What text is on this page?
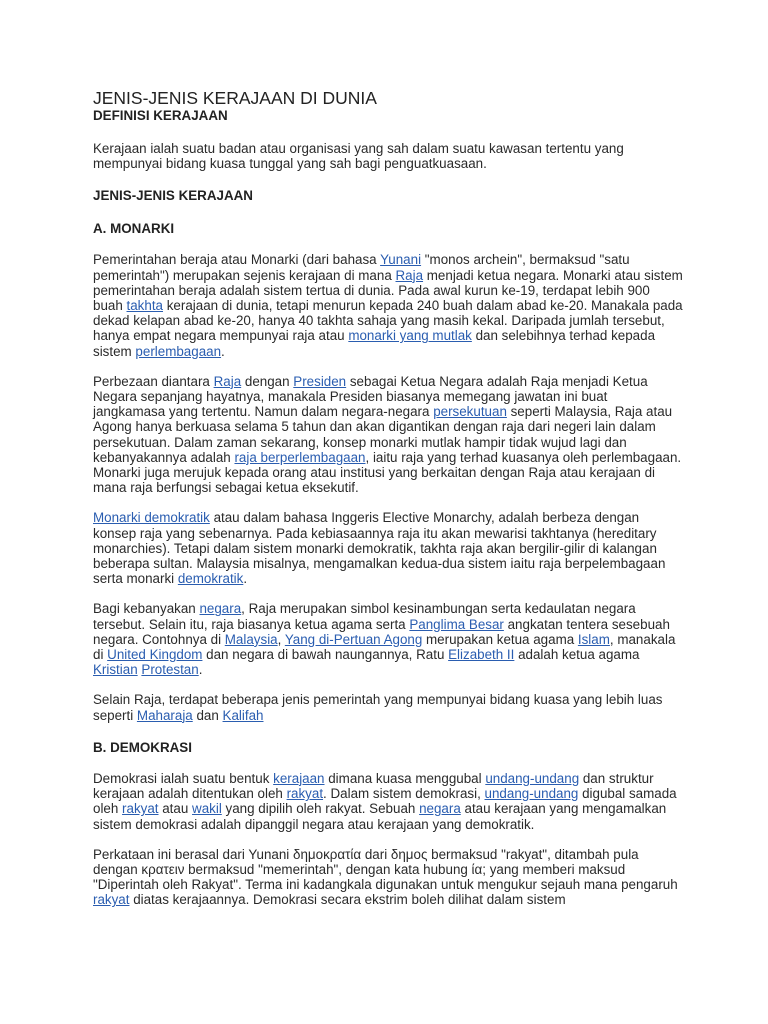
JENIS-JENIS KERAJAAN DI DUNIA
DEFINISI KERAJAAN

Kerajaan ialah suatu badan atau organisasi yang sah dalam suatu kawasan tertentu yang mempunyai bidang kuasa tunggal yang sah bagi penguatkuasaan.

JENIS-JENIS KERAJAAN
A. MONARKI

Pemerintahan beraja atau Monarki (dari bahasa Yunani "monos archein", bermaksud "satu pemerintah") merupakan sejenis kerajaan di mana Raja menjadi ketua negara. Monarki atau sistem pemerintahan beraja adalah sistem tertua di dunia. Pada awal kurun ke-19, terdapat lebih 900 buah takhta kerajaan di dunia, tetapi menurun kepada 240 buah dalam abad ke-20. Manakala pada dekad kelapan abad ke-20, hanya 40 takhta sahaja yang masih kekal. Daripada jumlah tersebut, hanya empat negara mempunyai raja atau monarki yang mutlak dan selebihnya terhad kepada sistem perlembagaan.

Perbezaan diantara Raja dengan Presiden sebagai Ketua Negara adalah Raja menjadi Ketua Negara sepanjang hayatnya, manakala Presiden biasanya memegang jawatan ini buat jangkamasa yang tertentu. Namun dalam negara-negara persekutuan seperti Malaysia, Raja atau Agong hanya berkuasa selama 5 tahun dan akan digantikan dengan raja dari negeri lain dalam persekutuan. Dalam zaman sekarang, konsep monarki mutlak hampir tidak wujud lagi dan kebanyakannya adalah raja berperlembagaan, iaitu raja yang terhad kuasanya oleh perlembagaan. Monarki juga merujuk kepada orang atau institusi yang berkaitan dengan Raja atau kerajaan di mana raja berfungsi sebagai ketua eksekutif.

Monarki demokratik atau dalam bahasa Inggeris Elective Monarchy, adalah berbeza dengan konsep raja yang sebenarnya. Pada kebiasaannya raja itu akan mewarisi takhtanya (hereditary monarchies). Tetapi dalam sistem monarki demokratik, takhta raja akan bergilir-gilir di kalangan beberapa sultan. Malaysia misalnya, mengamalkan kedua-dua sistem iaitu raja berpelembagaan serta monarki demokratik.

Bagi kebanyakan negara, Raja merupakan simbol kesinambungan serta kedaulatan negara tersebut. Selain itu, raja biasanya ketua agama serta Panglima Besar angkatan tentera sesebuah negara. Contohnya di Malaysia, Yang di-Pertuan Agong merupakan ketua agama Islam, manakala di United Kingdom dan negara di bawah naungannya, Ratu Elizabeth II adalah ketua agama Kristian Protestan.

Selain Raja, terdapat beberapa jenis pemerintah yang mempunyai bidang kuasa yang lebih luas seperti Maharaja dan Kalifah

B. DEMOKRASI

Demokrasi ialah suatu bentuk kerajaan dimana kuasa menggubal undang-undang dan struktur kerajaan adalah ditentukan oleh rakyat. Dalam sistem demokrasi, undang-undang digubal samada oleh rakyat atau wakil yang dipilih oleh rakyat. Sebuah negara atau kerajaan yang mengamalkan sistem demokrasi adalah dipanggil negara atau kerajaan yang demokratik.

Perkataan ini berasal dari Yunani δημοκρατία dari δημος bermaksud "rakyat", ditambah pula dengan κρατειν bermaksud "memerintah", dengan kata hubung ία; yang memberi maksud "Diperintah oleh Rakyat". Terma ini kadangkala digunakan untuk mengukur sejauh mana pengaruh rakyat diatas kerajaannya. Demokrasi secara ekstrim boleh dilihat dalam sistem
